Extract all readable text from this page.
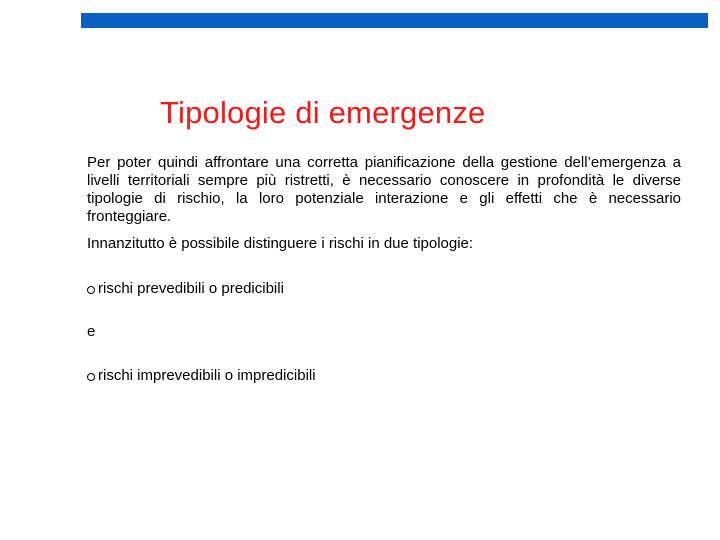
Tipologie di emergenze

Per poter quindi affrontare una corretta pianificazione della gestione dell’emergenza a livelli territoriali sempre più ristretti, è necessario conoscere in profondità le diverse tipologie di rischio, la loro potenziale interazione e gli effetti che è necessario fronteggiare.

Innanzitutto è possibile distinguere i rischi in due tipologie:
rischi prevedibili o predicibili
e
rischi imprevedibili o impredicibili
